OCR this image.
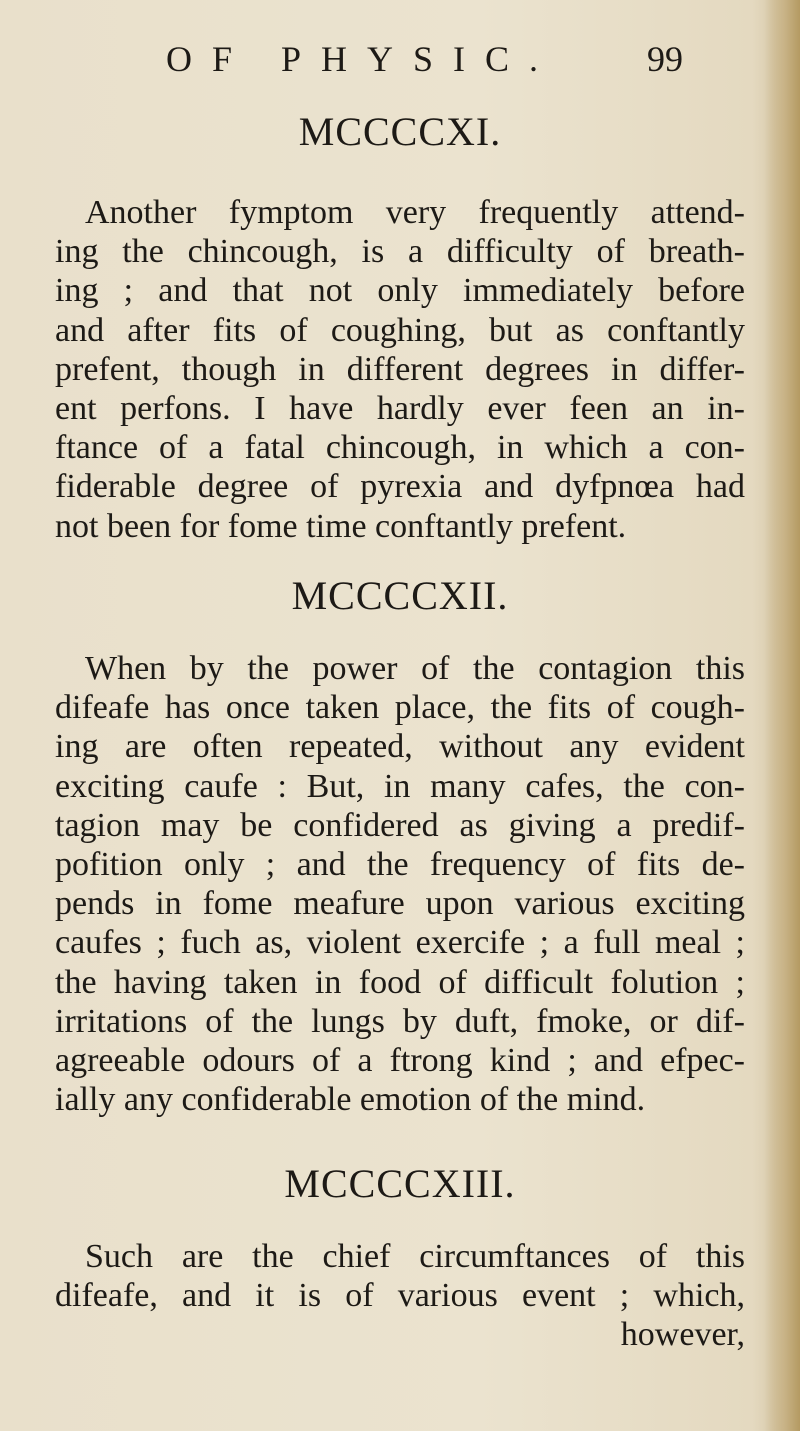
OF PHYSIC. 99
MCCCCXI.
Another fymptom very frequently attend-
ing the chincough, is a difficulty of breath-
ing ; and that not only immediately before
and after fits of coughing, but as conftantly
prefent, though in different degrees in differ-
ent perfons. I have hardly ever feen an in-
ftance of a fatal chincough, in which a con-
fiderable degree of pyrexia and dyfpnœa had
not been for fome time conftantly prefent.
MCCCCXII.
When by the power of the contagion this
difeafe has once taken place, the fits of cough-
ing are often repeated, without any evident
exciting caufe : But, in many cafes, the con-
tagion may be confidered as giving a predif-
pofition only ; and the frequency of fits de-
pends in fome meafure upon various exciting
caufes ; fuch as, violent exercife ; a full meal ;
the having taken in food of difficult folution ;
irritations of the lungs by duft, fmoke, or dif-
agreeable odours of a ftrong kind ; and efpec-
ially any confiderable emotion of the mind.
MCCCCXIII.
Such are the chief circumftances of this
difeafe, and it is of various event ; which,
however,
